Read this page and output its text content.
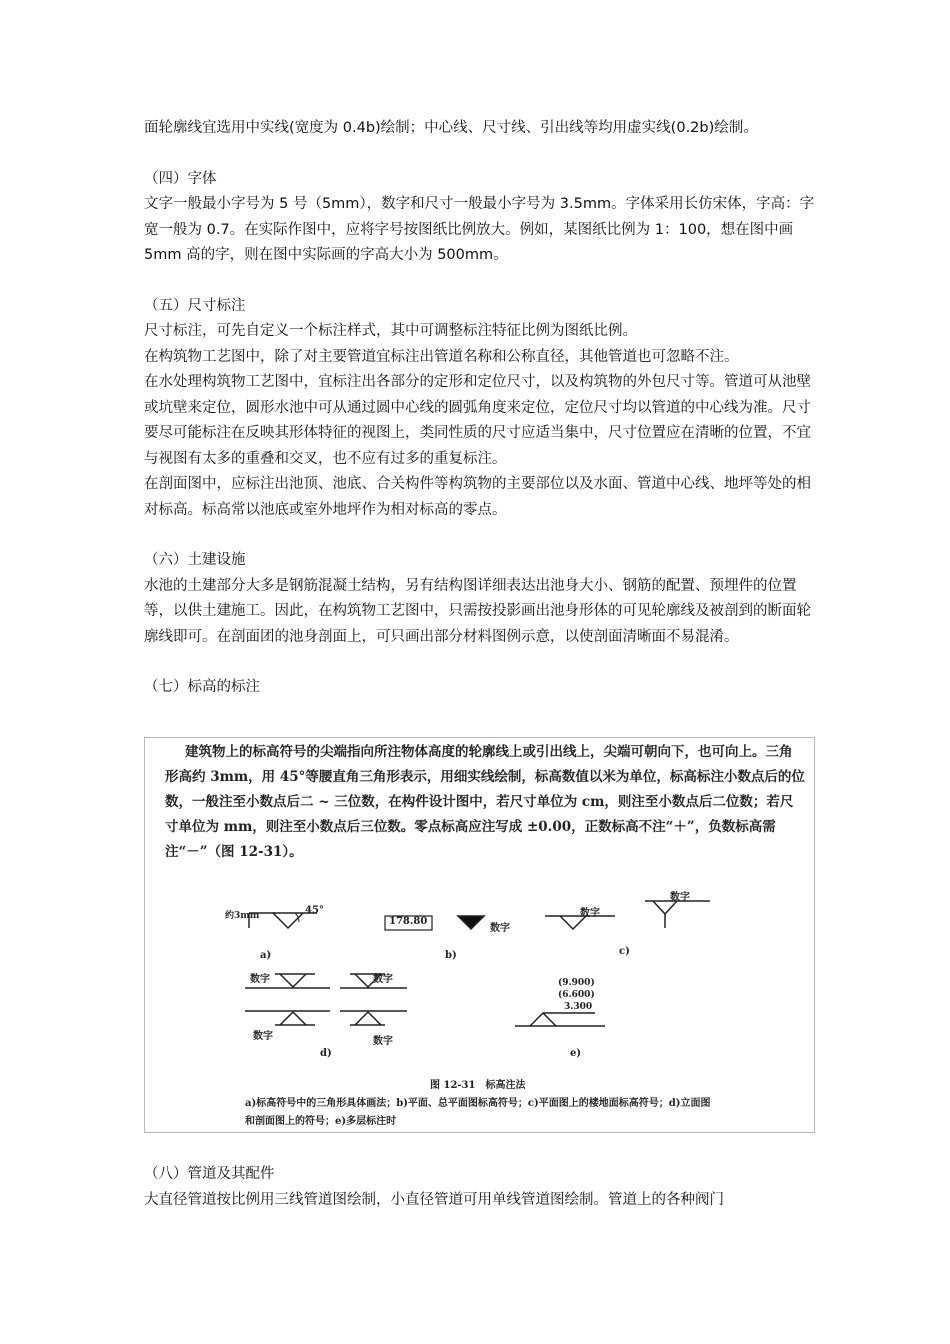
面轮廓线宜选用中实线(宽度为 0.4b)绘制；中心线、尺寸线、引出线等均用虚实线(0.2b)绘制。

（四）字体

文字一般最小字号为 5 号（5mm），数字和尺寸一般最小字号为 3.5mm。字体采用长仿宋体，字高：字宽一般为 0.7。在实际作图中，应将字号按图纸比例放大。例如，某图纸比例为 1：100，想在图中画 5mm 高的字，则在图中实际画的字高大小为 500mm。

（五）尺寸标注

尺寸标注，可先自定义一个标注样式，其中可调整标注特征比例为图纸比例。

在构筑物工艺图中，除了对主要管道宜标注出管道名称和公称直径，其他管道也可忽略不注。

在水处理构筑物工艺图中，宜标注出各部分的定形和定位尺寸，以及构筑物的外包尺寸等。管道可从池壁或坑壁来定位，圆形水池中可从通过圆中心线的圆弧角度来定位，定位尺寸均以管道的中心线为准。尺寸要尽可能标注在反映其形体特征的视图上，类同性质的尺寸应适当集中，尺寸位置应在清晰的位置，不宜与视图有太多的重叠和交叉，也不应有过多的重复标注。

在剖面图中，应标注出池顶、池底、合关构件等构筑物的主要部位以及水面、管道中心线、地坪等处的相对标高。标高常以池底或室外地坪作为相对标高的零点。

（六）土建设施

水池的土建部分大多是钢筋混凝土结构，另有结构图详细表达出池身大小、钢筋的配置、预埋件的位置等，以供土建施工。因此，在构筑物工艺图中，只需按投影画出池身形体的可见轮廓线及被剖到的断面轮廓线即可。在剖面团的池身剖面上，可只画出部分材料图例示意，以使剖面清晰面不易混淆。

（七）标高的标注

建筑物上的标高符号的尖端指向所注物体高度的轮廓线上或引出线上，尖端可朝向下，也可向上。三角形高约 3mm，用 45°等腰直角三角形表示，用细实线绘制，标高数值以米为单位，标高标注小数点后的位数，一般注至小数点后二 ~ 三位数，在构件设计图中，若尺寸单位为 cm，则注至小数点后二位数；若尺寸单位为 mm，则注至小数点后三位数。零点标高应注写成 ±0.00，正数标高不注“＋”，负数标高需注“－”（图 12-31）。
约3mm	45°
a)
178.80
数字
b)
数字
数字
c)
数字
数字
数字
数字
d)
(9.900)
(6.600)
3.300
e)
图 12-31　标高注法
a)标高符号中的三角形具体画法；b)平面、总平面图标高符号；c)平面图上的楼地面标高符号；d)立面图和剖面图上的符号；e)多层标注时

（八）管道及其配件

大直径管道按比例用三线管道图绘制，小直径管道可用单线管道图绘制。管道上的各种阀门
